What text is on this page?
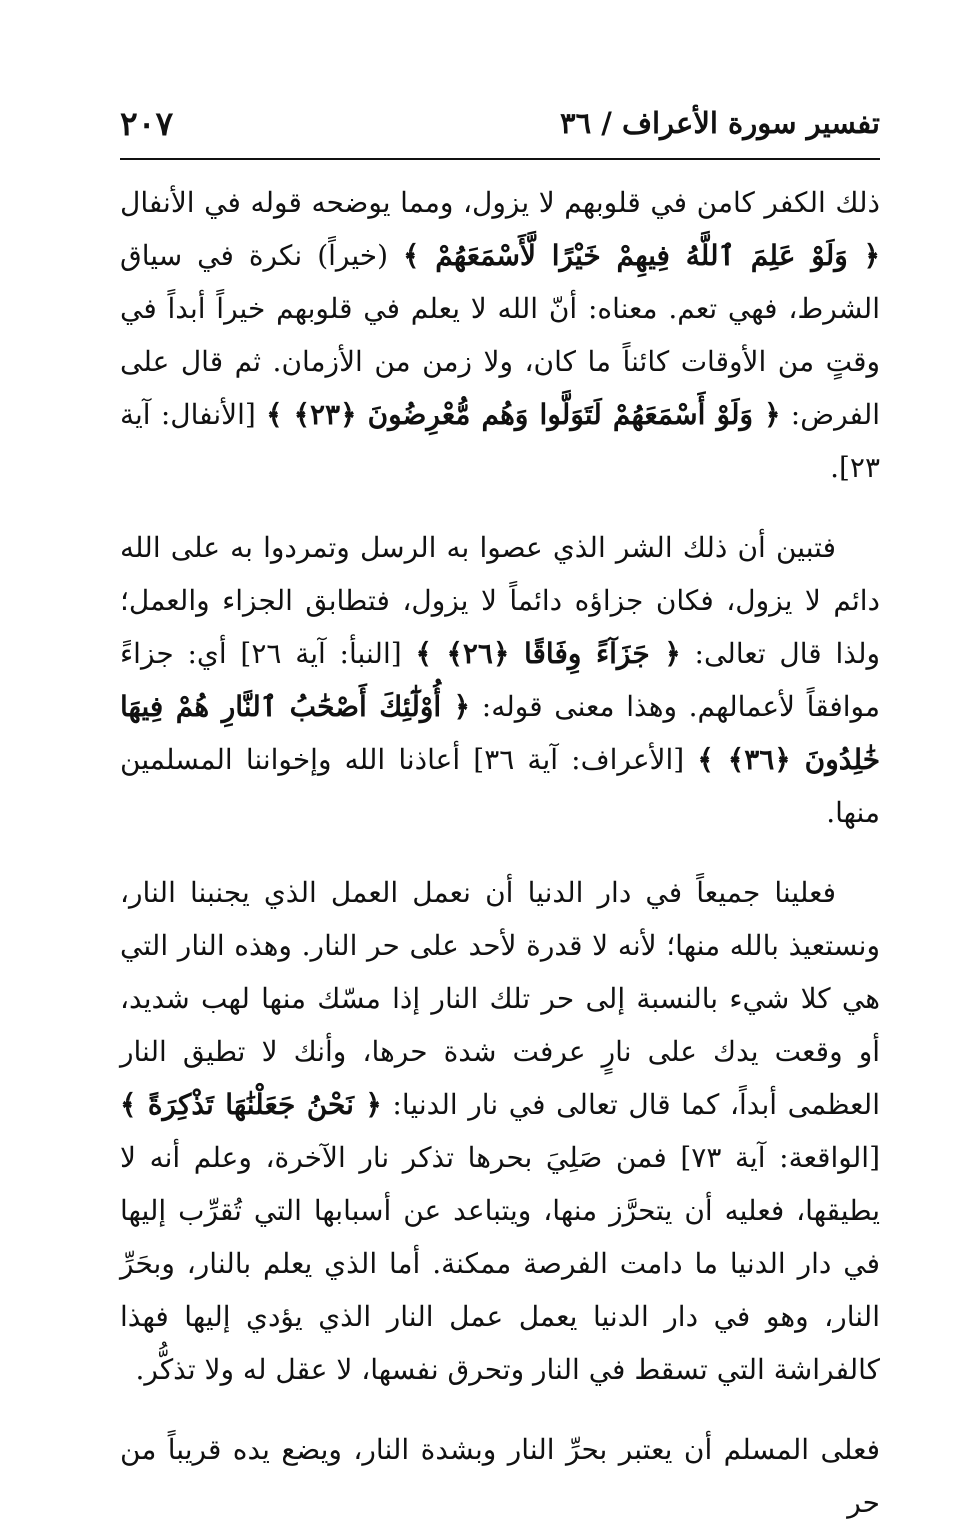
تفسير سورة الأعراف / ٣٦
٢٠٧

ذلك الكفر كامن في قلوبهم لا يزول، ومما يوضحه قوله في الأنفال ﴿ وَلَوْ عَلِمَ ٱللَّهُ فِيهِمْ خَيْرًا لَّأَسْمَعَهُمْ ﴾ (خيراً) نكرة في سياق الشرط، فهي تعم. معناه: أنّ الله لا يعلم في قلوبهم خيراً أبداً في وقتٍ من الأوقات كائناً ما كان، ولا زمن من الأزمان. ثم قال على الفرض: ﴿ وَلَوْ أَسْمَعَهُمْ لَتَوَلَّوا وَهُم مُّعْرِضُونَ ﴿٢٣﴾ ﴾ [الأنفال: آية ٢٣].

فتبين أن ذلك الشر الذي عصوا به الرسل وتمردوا به على الله دائم لا يزول، فكان جزاؤه دائماً لا يزول، فتطابق الجزاء والعمل؛ ولذا قال تعالى: ﴿ جَزَآءً وِفَاقًا ﴿٢٦﴾ ﴾ [النبأ: آية ٢٦] أي: جزاءً موافقاً لأعمالهم. وهذا معنى قوله: ﴿ أُوْلَٰٓئِكَ أَصْحَٰبُ ٱلنَّارِ هُمْ فِيهَا خَٰلِدُونَ ﴿٣٦﴾ ﴾ [الأعراف: آية ٣٦] أعاذنا الله وإخواننا المسلمين منها.

فعلينا جميعاً في دار الدنيا أن نعمل العمل الذي يجنبنا النار، ونستعيذ بالله منها؛ لأنه لا قدرة لأحد على حر النار. وهذه النار التي هي كلا شيء بالنسبة إلى حر تلك النار إذا مسّك منها لهب شديد، أو وقعت يدك على نارٍ عرفت شدة حرها، وأنك لا تطيق النار العظمى أبداً، كما قال تعالى في نار الدنيا: ﴿ نَحْنُ جَعَلْنَٰهَا تَذْكِرَةً ﴾ [الواقعة: آية ٧٣] فمن صَلِيَ بحرها تذكر نار الآخرة، وعلم أنه لا يطيقها، فعليه أن يتحرَّز منها، ويتباعد عن أسبابها التي تُقرِّب إليها في دار الدنيا ما دامت الفرصة ممكنة. أما الذي يعلم بالنار، وبحَرِّ النار، وهو في دار الدنيا يعمل عمل النار الذي يؤدي إليها فهذا كالفراشة التي تسقط في النار وتحرق نفسها، لا عقل له ولا تذكُّر.

فعلى المسلم أن يعتبر بحرِّ النار وبشدة النار، ويضع يده قريباً من حر
